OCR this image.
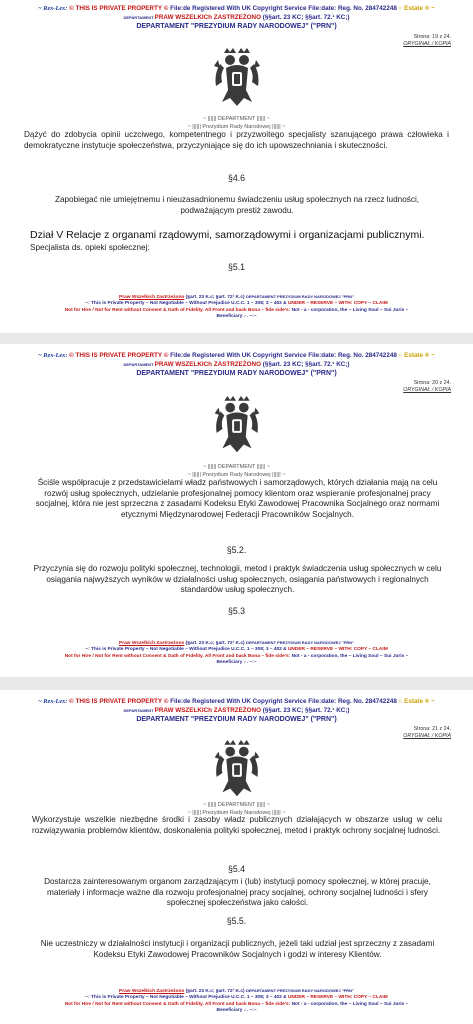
~ Rex-Lex: © THIS IS PRIVATE PROPERTY © File:de Registered With UK Copyright Service File:date: Reg. No. 284742248 ○ Estate ® ~
DEPARTAMENT PRAW WSZELKICh ZASTRZEŻONO (§§art. 23 KC; §§art. 72.¹ KC;)
DEPARTAMENT "PREZYDIUM RADY NARODOWEJ" ("PRN")
Strona: 19 z 24.
ORYGINAŁ / KOPIA
~ |||||| DEPARTMENT |||||| ~
~ |||||| Prezydium Rady Narodowej |||||| ~
Dążyć do zdobycia opinii uczciwego, kompetentnego i przyzwoitego specjalisty szanującego prawa człowieka i demokratyczne instytucje społeczeństwa, przyczyniające się do ich upowszechniania i skuteczności.
§4.6
Zapobiegać nie umiejętnemu i nieuzasadnionemu świadczeniu usług społecznych na rzecz ludności, podważającym prestiż zawodu.
Dział V Relacje z organami rządowymi, samorządowymi i organizacjami publicznymi.
Specjalista ds. opieki społecznej:
§5.1
Praw Wszelkich Zastrzeżono (§art. 23 K.c; §art. 72¹ K.c) DEPARTAMENT PREZYDIUM RADY NARODOWEJ "PRN"
~: This is Private Property – Not Negotiable – Without Prejudice U.C.C. 1 – 308; 3 – 402 & UNDER – RESERVE – WITH: COPY – CLAIM
Not for Hire / Not for Rent without Consent & Oath of Fidelity. All Front and back Bona – fide side's: Not - a - corporation, the ~ Living Soul ~ Sui Juris –
Beneficiary .·. ~:~
~ Rex-Lex: © THIS IS PRIVATE PROPERTY © File:de Registered With UK Copyright Service File:date: Reg. No. 284742248 ○ Estate ® ~
DEPARTAMENT PRAW WSZELKICh ZASTRZEŻONO (§§art. 23 KC; §§art. 72.¹ KC;)
DEPARTAMENT "PREZYDIUM RADY NARODOWEJ" ("PRN")
Strona: 20 z 24.
ORYGINAŁ / KOPIA
~ |||||| DEPARTMENT |||||| ~
~ |||||| Prezydium Rady Narodowej |||||| ~
Ściśle współpracuje z przedstawicielami władz państwowych i samorządowych, których działania mają na celu rozwój usług społecznych, udzielanie profesjonalnej pomocy klientom oraz wspieranie profesjonalnej pracy socjalnej, która nie jest sprzeczna z zasadami Kodeksu Etyki Zawodowej Pracownika Socjalnego oraz normami etycznymi Międzynarodowej Federacji Pracowników Socjalnych.
§5.2.
Przyczynia się do rozwoju polityki społecznej, technologii, metod i praktyk świadczenia usług społecznych w celu osiągania najwyższych wyników w działalności usług społecznych, osiągania państwowych i regionalnych standardów usług społecznych.
§5.3
Praw Wszelkich Zastrzeżono (§art. 23 K.c; §art. 72¹ K.c) DEPARTAMENT PREZYDIUM RADY NARODOWEJ "PRN"
~: This is Private Property – Not Negotiable – Without Prejudice U.C.C. 1 – 308; 3 – 402 & UNDER – RESERVE – WITH: COPY – CLAIM
Not for Hire / Not for Rent without Consent & Oath of Fidelity. All Front and back Bona – fide side's: Not - a - corporation, the ~ Living Soul ~ Sui Juris –
Beneficiary .·. ~:~
~ Rex-Lex: © THIS IS PRIVATE PROPERTY © File:de Registered With UK Copyright Service File:date: Reg. No. 284742248 ○ Estate ® ~
DEPARTAMENT PRAW WSZELKICh ZASTRZEŻONO (§§art. 23 KC; §§art. 72.¹ KC;)
DEPARTAMENT "PREZYDIUM RADY NARODOWEJ" ("PRN")
Strona: 21 z 24.
ORYGINAŁ / KOPIA
~ |||||| DEPARTMENT |||||| ~
~ |||||| Prezydium Rady Narodowej |||||| ~
Wykorzystuje wszelkie niezbędne środki i zasoby władz publicznych działających w obszarze usług w celu rozwiązywania problemów klientów, doskonalenia polityki społecznej, metod i praktyk ochrony socjalnej ludności.
§5.4
Dostarcza zainteresowanym organom zarządzającym i (lub) instytucji pomocy społecznej, w której pracuje, materiały i informacje ważne dla rozwoju profesjonalnej pracy socjalnej, ochrony socjalnej ludności i sfery społecznej społeczeństwa jako całości.
§5.5.
Nie uczestniczy w działalności instytucji i organizacji publicznych, jeżeli taki udział jest sprzeczny z zasadami Kodeksu Etyki Zawodowej Pracowników Socjalnych i godzi w interesy Klientów.
Praw Wszelkich Zastrzeżono (§art. 23 K.c; §art. 72¹ K.c) DEPARTAMENT PREZYDIUM RADY NARODOWEJ "PRN"
~: This is Private Property – Not Negotiable – Without Prejudice U.C.C. 1 – 308; 3 – 402 & UNDER – RESERVE – WITH: COPY – CLAIM
Not for Hire / Not for Rent without Consent & Oath of Fidelity. All Front and back Bona – fide side's: Not - a - corporation, the ~ Living Soul ~ Sui Juris –
Beneficiary .·. ~:~
